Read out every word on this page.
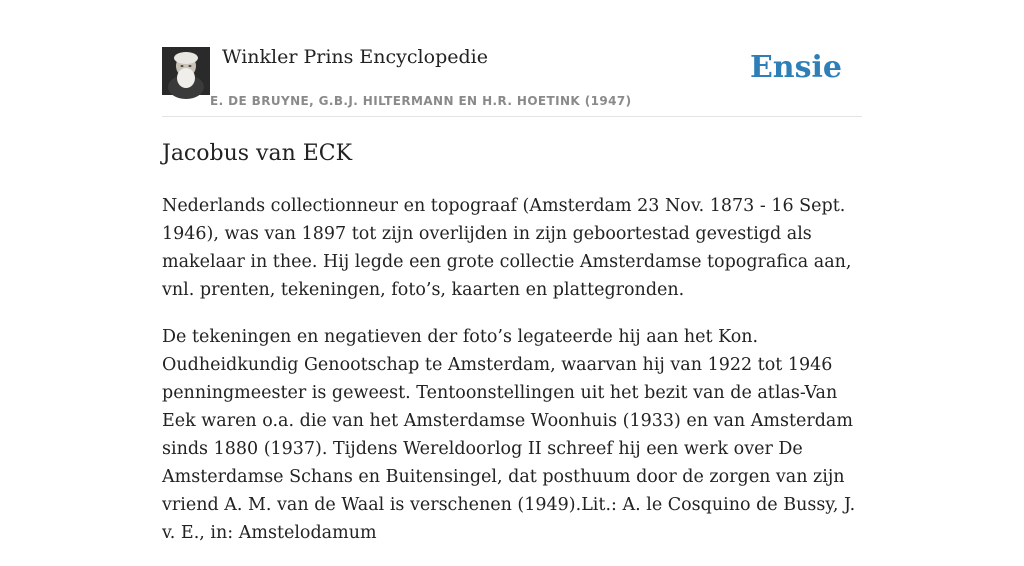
Winkler Prins Encyclopedie
E. DE BRUYNE, G.B.J. HILTERMANN EN H.R. HOETINK (1947)
Ensie
Jacobus van ECK

Nederlands collectionneur en topograaf (Amsterdam 23 Nov. 1873 - 16 Sept. 1946), was van 1897 tot zijn overlijden in zijn geboortestad gevestigd als makelaar in thee. Hij legde een grote collectie Amsterdamse topografica aan, vnl. prenten, tekeningen, foto’s, kaarten en plattegronden.

De tekeningen en negatieven der foto’s legateerde hij aan het Kon. Oudheidkundig Genootschap te Amsterdam, waarvan hij van 1922 tot 1946 penningmeester is geweest. Tentoonstellingen uit het bezit van de atlas-Van Eek waren o.a. die van het Amsterdamse Woonhuis (1933) en van Amsterdam sinds 1880 (1937). Tijdens Wereldoorlog II schreef hij een werk over De Amsterdamse Schans en Buitensingel, dat posthuum door de zorgen van zijn vriend A. M. van de Waal is verschenen (1949).Lit.: A. le Cosquino de Bussy, J. v. E., in: Amstelodamum
